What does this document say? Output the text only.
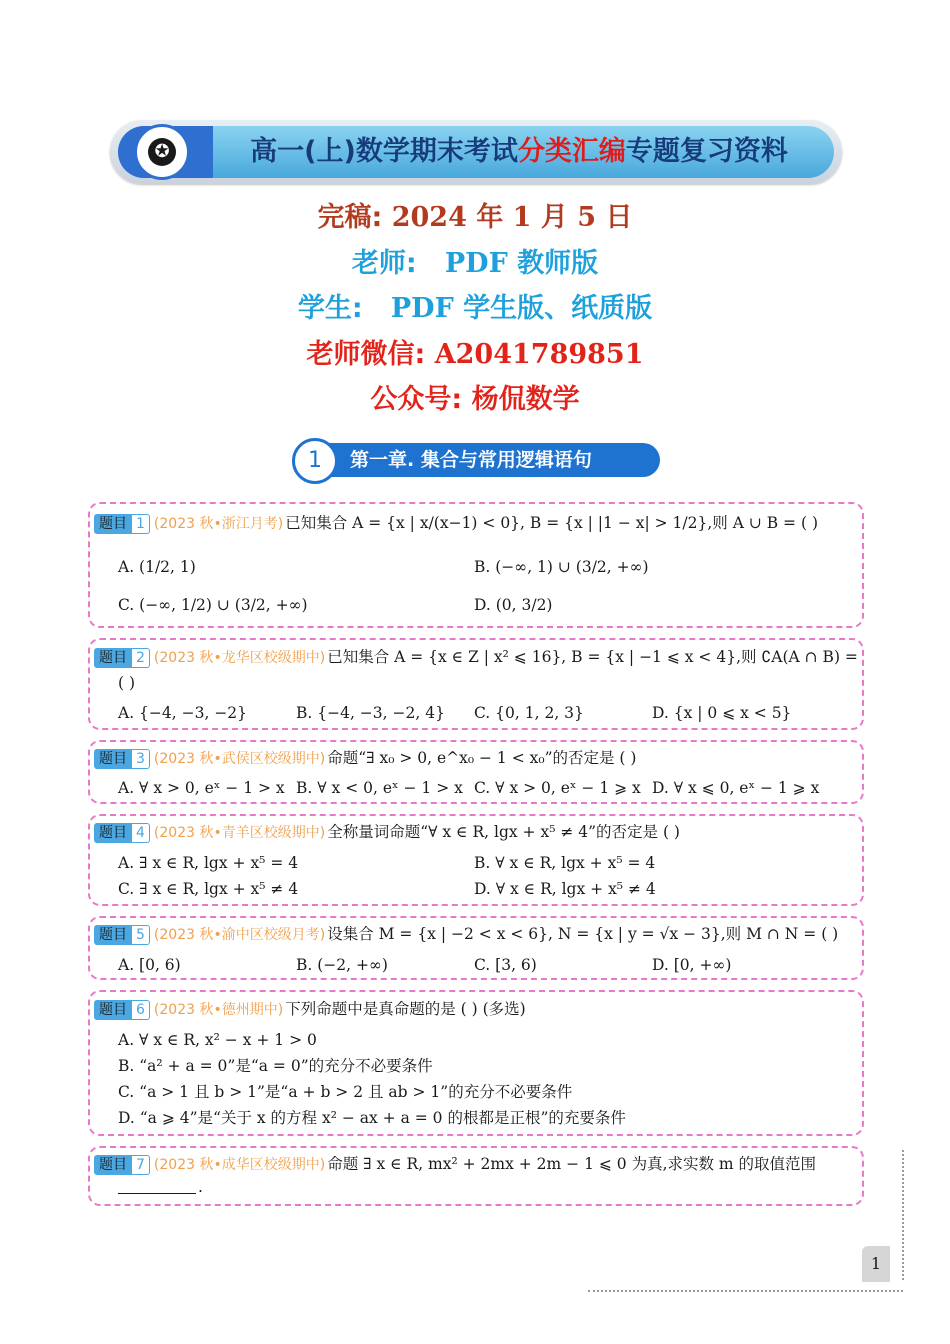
✪	高一(上)数学期末考试分类汇编专题复习资料
完稿: 2024 年 1 月 5 日
老师: PDF 教师版
学生: PDF 学生版、纸质版
老师微信: A2041789851
公众号: 杨侃数学
1	第一章. 集合与常用逻辑语句
题目 1 (2023 秋•浙江月考) 已知集合 A = {x | x/(x−1) < 0}, B = {x | |1 − x| > 1/2},则 A ∪ B = ( )
A. (1/2, 1)	B. (−∞, 1) ∪ (3/2, +∞)
C. (−∞, 1/2) ∪ (3/2, +∞)	D. (0, 3/2)
题目 2 (2023 秋•龙华区校级期中) 已知集合 A = {x ∈ Z | x² ⩽ 16}, B = {x | −1 ⩽ x < 4},则 ∁A(A ∩ B) =
( )
A. {−4, −3, −2}	B. {−4, −3, −2, 4} C. {0, 1, 2, 3}	D. {x | 0 ⩽ x < 5}
题目 3 (2023 秋•武侯区校级期中) 命题“∃ x₀ > 0, e^x₀ − 1 < x₀”的否定是 ( )
A. ∀ x > 0, eˣ − 1 > x B. ∀ x < 0, eˣ − 1 > x C. ∀ x > 0, eˣ − 1 ⩾ x D. ∀ x ⩽ 0, eˣ − 1 ⩾ x
题目 4 (2023 秋•青羊区校级期中) 全称量词命题“∀ x ∈ R, lgx + x⁵ ≠ 4”的否定是 ( )
A. ∃ x ∈ R, lgx + x⁵ = 4	B. ∀ x ∈ R, lgx + x⁵ = 4
C. ∃ x ∈ R, lgx + x⁵ ≠ 4	D. ∀ x ∈ R, lgx + x⁵ ≠ 4
题目 5 (2023 秋•渝中区校级月考) 设集合 M = {x | −2 < x < 6}, N = {x | y = √x − 3},则 M ∩ N = ( )
A. [0, 6)	B. (−2, +∞)	C. [3, 6)	D. [0, +∞)
题目 6 (2023 秋•德州期中) 下列命题中是真命题的是 ( ) (多选)
A. ∀ x ∈ R, x² − x + 1 > 0
B. “a² + a = 0”是“a = 0”的充分不必要条件
C. “a > 1 且 b > 1”是“a + b > 2 且 ab > 1”的充分不必要条件
D. “a ⩾ 4”是“关于 x 的方程 x² − ax + a = 0 的根都是正根”的充要条件
题目 7 (2023 秋•成华区校级期中) 命题 ∃ x ∈ R, mx² + 2mx + 2m − 1 ⩽ 0 为真,求实数 m 的取值范围
.
1
